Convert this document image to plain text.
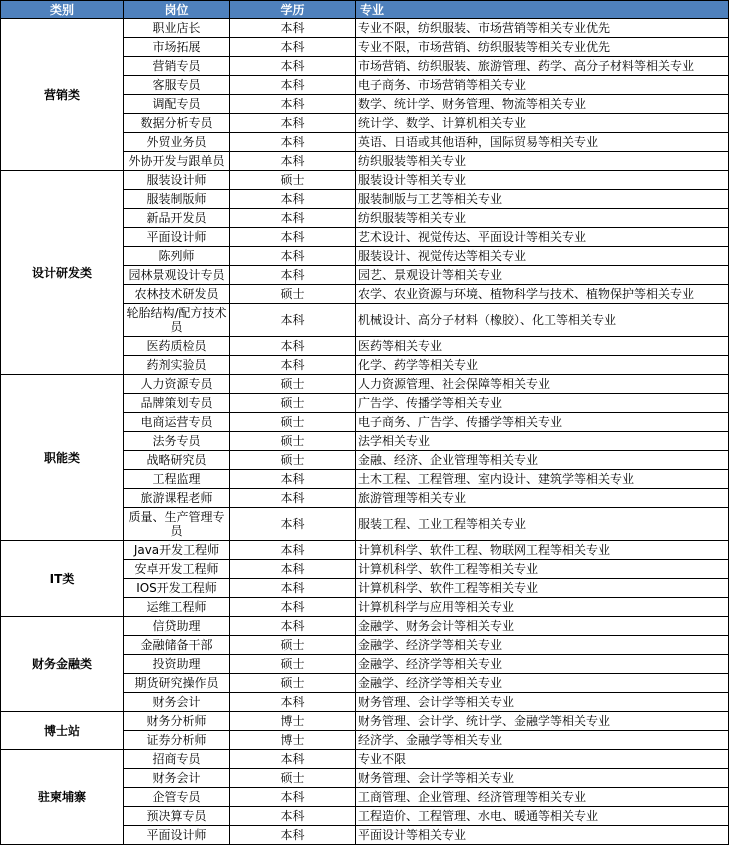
类别	岗位	学历	专业
营销类	职业店长	本科	专业不限，纺织服装、市场营销等相关专业优先
	市场拓展	本科	专业不限，市场营销、纺织服装等相关专业优先
	营销专员	本科	市场营销、纺织服装、旅游管理、药学、高分子材料等相关专业
	客服专员	本科	电子商务、市场营销等相关专业
	调配专员	本科	数学、统计学、财务管理、物流等相关专业
	数据分析专员	本科	统计学、数学、计算机相关专业
	外贸业务员	本科	英语、日语或其他语种，国际贸易等相关专业
	外协开发与跟单员	本科	纺织服装等相关专业
设计研发类	服装设计师	硕士	服装设计等相关专业
	服装制版师	本科	服装制版与工艺等相关专业
	新品开发员	本科	纺织服装等相关专业
	平面设计师	本科	艺术设计、视觉传达、平面设计等相关专业
	陈列师	本科	服装设计、视觉传达等相关专业
	园林景观设计专员	本科	园艺、景观设计等相关专业
	农林技术研发员	硕士	农学、农业资源与环境、植物科学与技术、植物保护等相关专业
	轮胎结构/配方技术员	本科	机械设计、高分子材料（橡胶）、化工等相关专业
	医药质检员	本科	医药等相关专业
	药剂实验员	本科	化学、药学等相关专业
职能类	人力资源专员	硕士	人力资源管理、社会保障等相关专业
	品牌策划专员	硕士	广告学、传播学等相关专业
	电商运营专员	硕士	电子商务、广告学、传播学等相关专业
	法务专员	硕士	法学相关专业
	战略研究员	硕士	金融、经济、企业管理等相关专业
	工程监理	本科	土木工程、工程管理、室内设计、建筑学等相关专业
	旅游课程老师	本科	旅游管理等相关专业
	质量、生产管理专员	本科	服装工程、工业工程等相关专业
IT类	Java开发工程师	本科	计算机科学、软件工程、物联网工程等相关专业
	安卓开发工程师	本科	计算机科学、软件工程等相关专业
	IOS开发工程师	本科	计算机科学、软件工程等相关专业
	运维工程师	本科	计算机科学与应用等相关专业
财务金融类	信贷助理	本科	金融学、财务会计等相关专业
	金融储备干部	硕士	金融学、经济学等相关专业
	投资助理	硕士	金融学、经济学等相关专业
	期货研究操作员	硕士	金融学、经济学等相关专业
	财务会计	本科	财务管理、会计学等相关专业
博士站	财务分析师	博士	财务管理、会计学、统计学、金融学等相关专业
	证券分析师	博士	经济学、金融学等相关专业
驻柬埔寨	招商专员	本科	专业不限
	财务会计	硕士	财务管理、会计学等相关专业
	企管专员	本科	工商管理、企业管理、经济管理等相关专业
	预决算专员	本科	工程造价、工程管理、水电、暖通等相关专业
	平面设计师	本科	平面设计等相关专业
